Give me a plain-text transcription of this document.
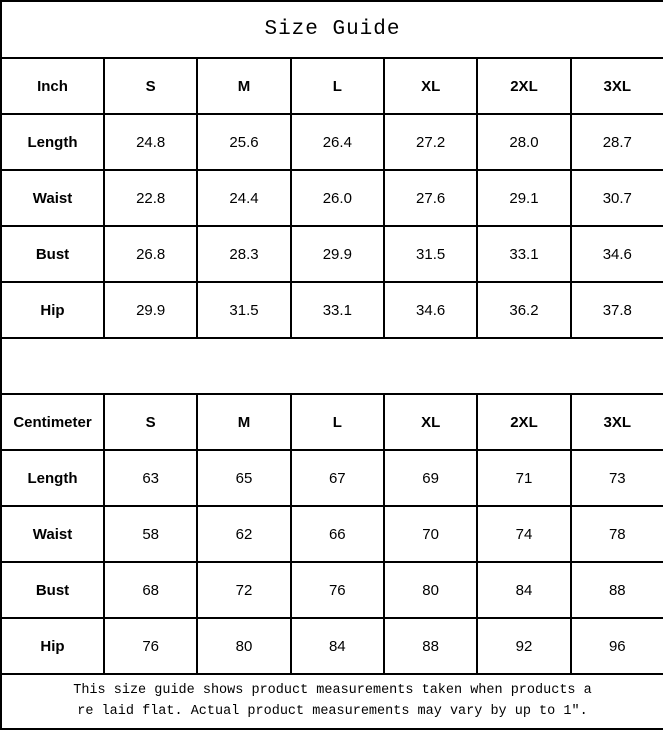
Size Guide						
Inch	S	M	L	XL	2XL	3XL
Length	24.8	25.6	26.4	27.2	28.0	28.7
Waist	22.8	24.4	26.0	27.6	29.1	30.7
Bust	26.8	28.3	29.9	31.5	33.1	34.6
Hip	29.9	31.5	33.1	34.6	36.2	37.8

Centimeter	S	M	L	XL	2XL	3XL
Length	63	65	67	69	71	73
Waist	58	62	66	70	74	78
Bust	68	72	76	80	84	88
Hip	76	80	84	88	92	96

This size guide shows product measurements taken when products a
re laid flat. Actual product measurements may vary by up to 1″.						
